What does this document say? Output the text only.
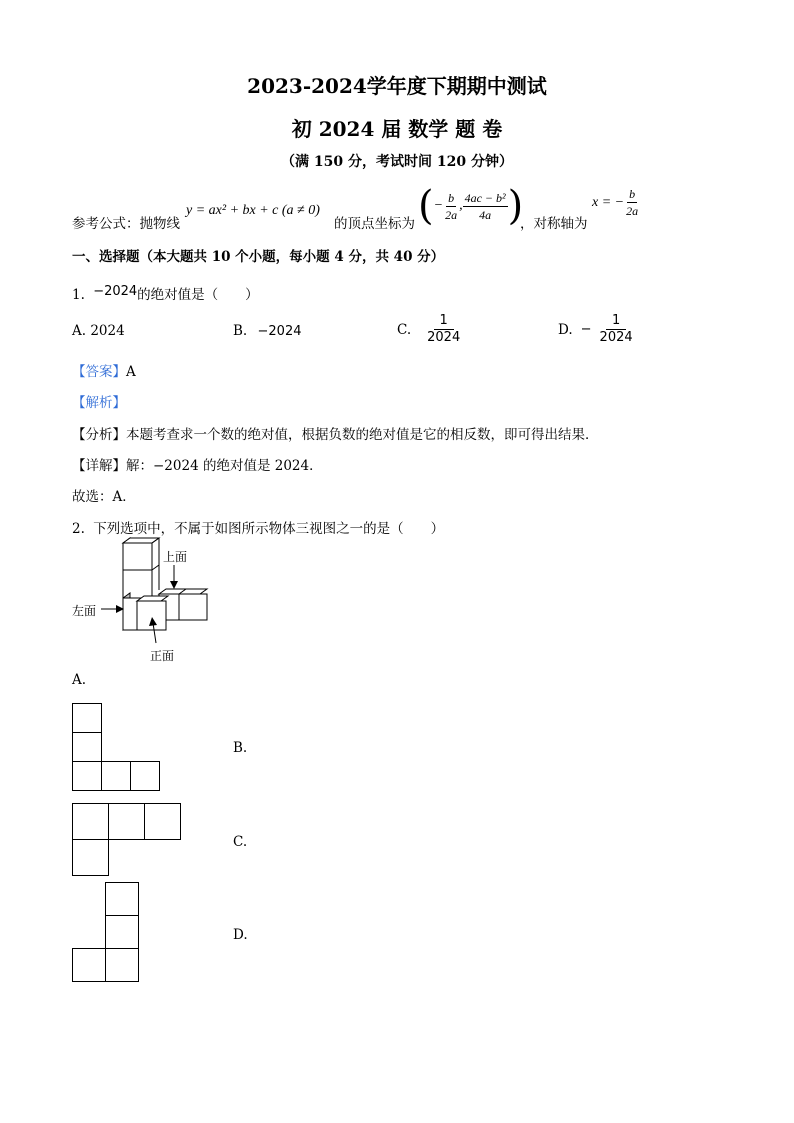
2023-2024学年度下期期中测试
初 2024 届 数学 题 卷
（满 150 分，考试时间 120 分钟）
参考公式：抛物线
y = ax² + bx + c (a ≠ 0) ( − $\frac{b}{2a}$ , $\frac{\text{4ac − b²}}{4a}$ )
的顶点坐标为	，对称轴为
x = − $\frac{b}{2a}$
一、选择题（本大题共 10 个小题，每小题 4 分，共 40 分）
1. −2024的绝对值是（　　）
A. 2024	B. −2024	C. $\frac{1}{2024}$	D. − $\frac{1}{2024}$
【答案】A
【解析】
【分析】本题考查求一个数的绝对值，根据负数的绝对值是它的相反数，即可得出结果．
【详解】解：−2024 的绝对值是 2024．
故选：A．
2. 下列选项中，不属于如图所示物体三视图之一的是（　　）
上面
左面
正面
A.
B.
C.
D.
